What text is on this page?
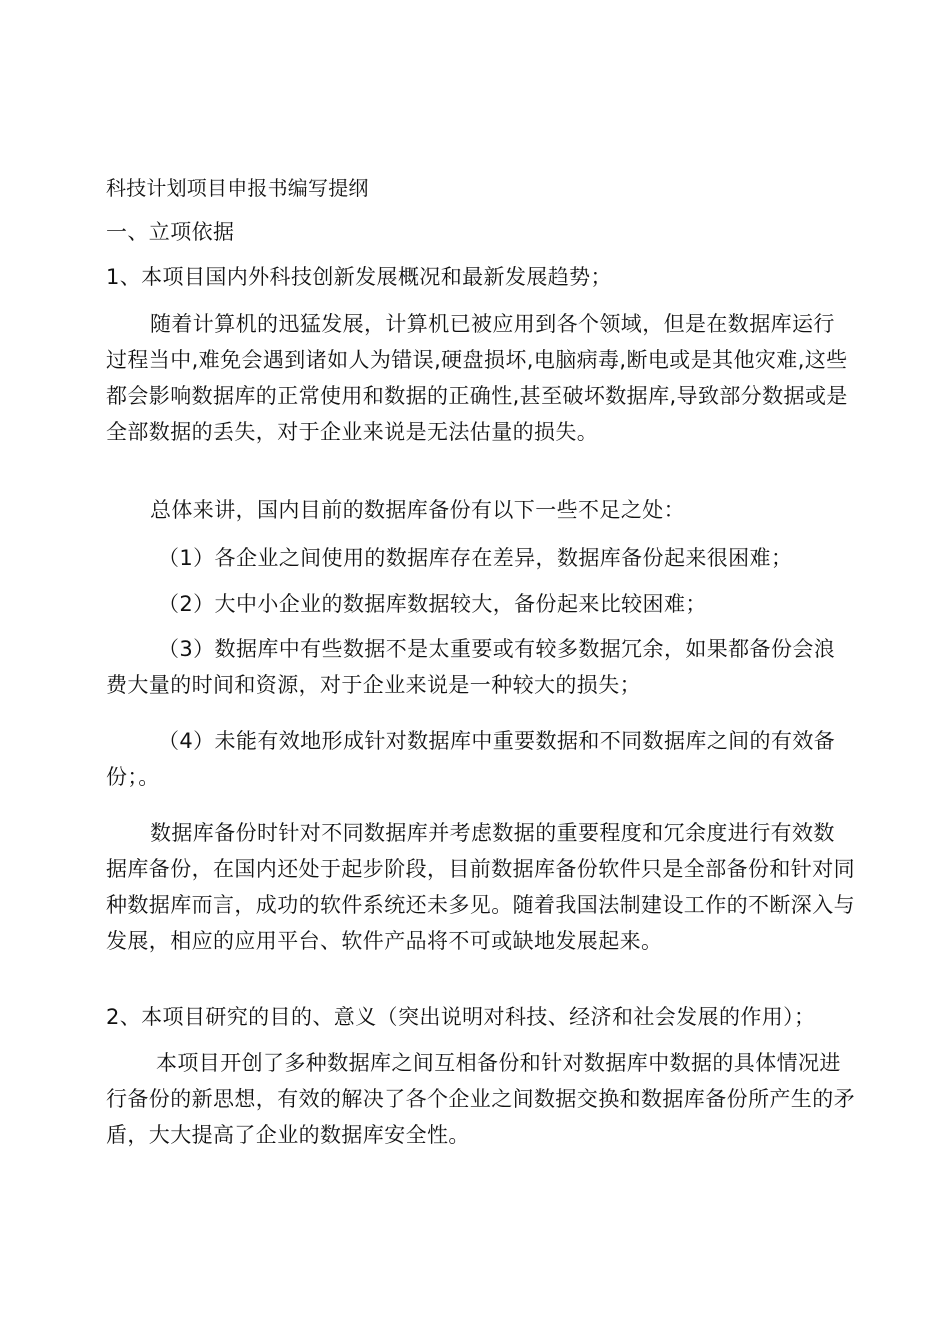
科技计划项目申报书编写提纲

一、立项依据

1、本项目国内外科技创新发展概况和最新发展趋势；

随着计算机的迅猛发展，计算机已被应用到各个领域，但是在数据库运行过程当中,难免会遇到诸如人为错误,硬盘损坏,电脑病毒,断电或是其他灾难,这些都会影响数据库的正常使用和数据的正确性,甚至破坏数据库,导致部分数据或是全部数据的丢失，对于企业来说是无法估量的损失。

总体来讲，国内目前的数据库备份有以下一些不足之处：

（1）各企业之间使用的数据库存在差异，数据库备份起来很困难；

（2）大中小企业的数据库数据较大，备份起来比较困难；

（3）数据库中有些数据不是太重要或有较多数据冗余，如果都备份会浪费大量的时间和资源，对于企业来说是一种较大的损失；

（4）未能有效地形成针对数据库中重要数据和不同数据库之间的有效备份；。

数据库备份时针对不同数据库并考虑数据的重要程度和冗余度进行有效数据库备份，在国内还处于起步阶段，目前数据库备份软件只是全部备份和针对同种数据库而言，成功的软件系统还未多见。随着我国法制建设工作的不断深入与发展，相应的应用平台、软件产品将不可或缺地发展起来。

2、本项目研究的目的、意义（突出说明对科技、经济和社会发展的作用）；

本项目开创了多种数据库之间互相备份和针对数据库中数据的具体情况进行备份的新思想，有效的解决了各个企业之间数据交换和数据库备份所产生的矛盾，大大提高了企业的数据库安全性。
